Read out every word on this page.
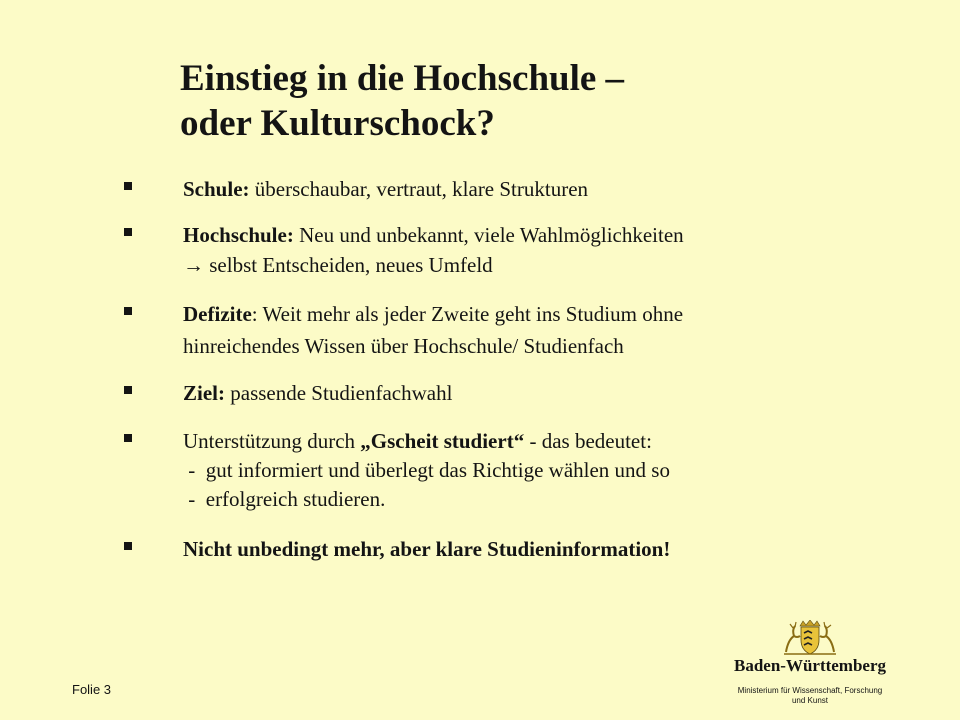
Einstieg in die Hochschule –
oder Kulturschock?
Schule: überschaubar, vertraut, klare Strukturen
Hochschule: Neu und unbekannt, viele Wahlmöglichkeiten
→ selbst Entscheiden, neues Umfeld
Defizite: Weit mehr als jeder Zweite geht ins Studium ohne
hinreichendes Wissen über Hochschule/ Studienfach
Ziel: passende Studienfachwahl
Unterstützung durch „Gscheit studiert“ - das bedeutet:
-  gut informiert und überlegt das Richtige wählen und so
-  erfolgreich studieren.
Nicht unbedingt mehr, aber klare Studieninformation!
Folie 3
Baden-Württemberg
Ministerium für Wissenschaft, Forschung
und Kunst
